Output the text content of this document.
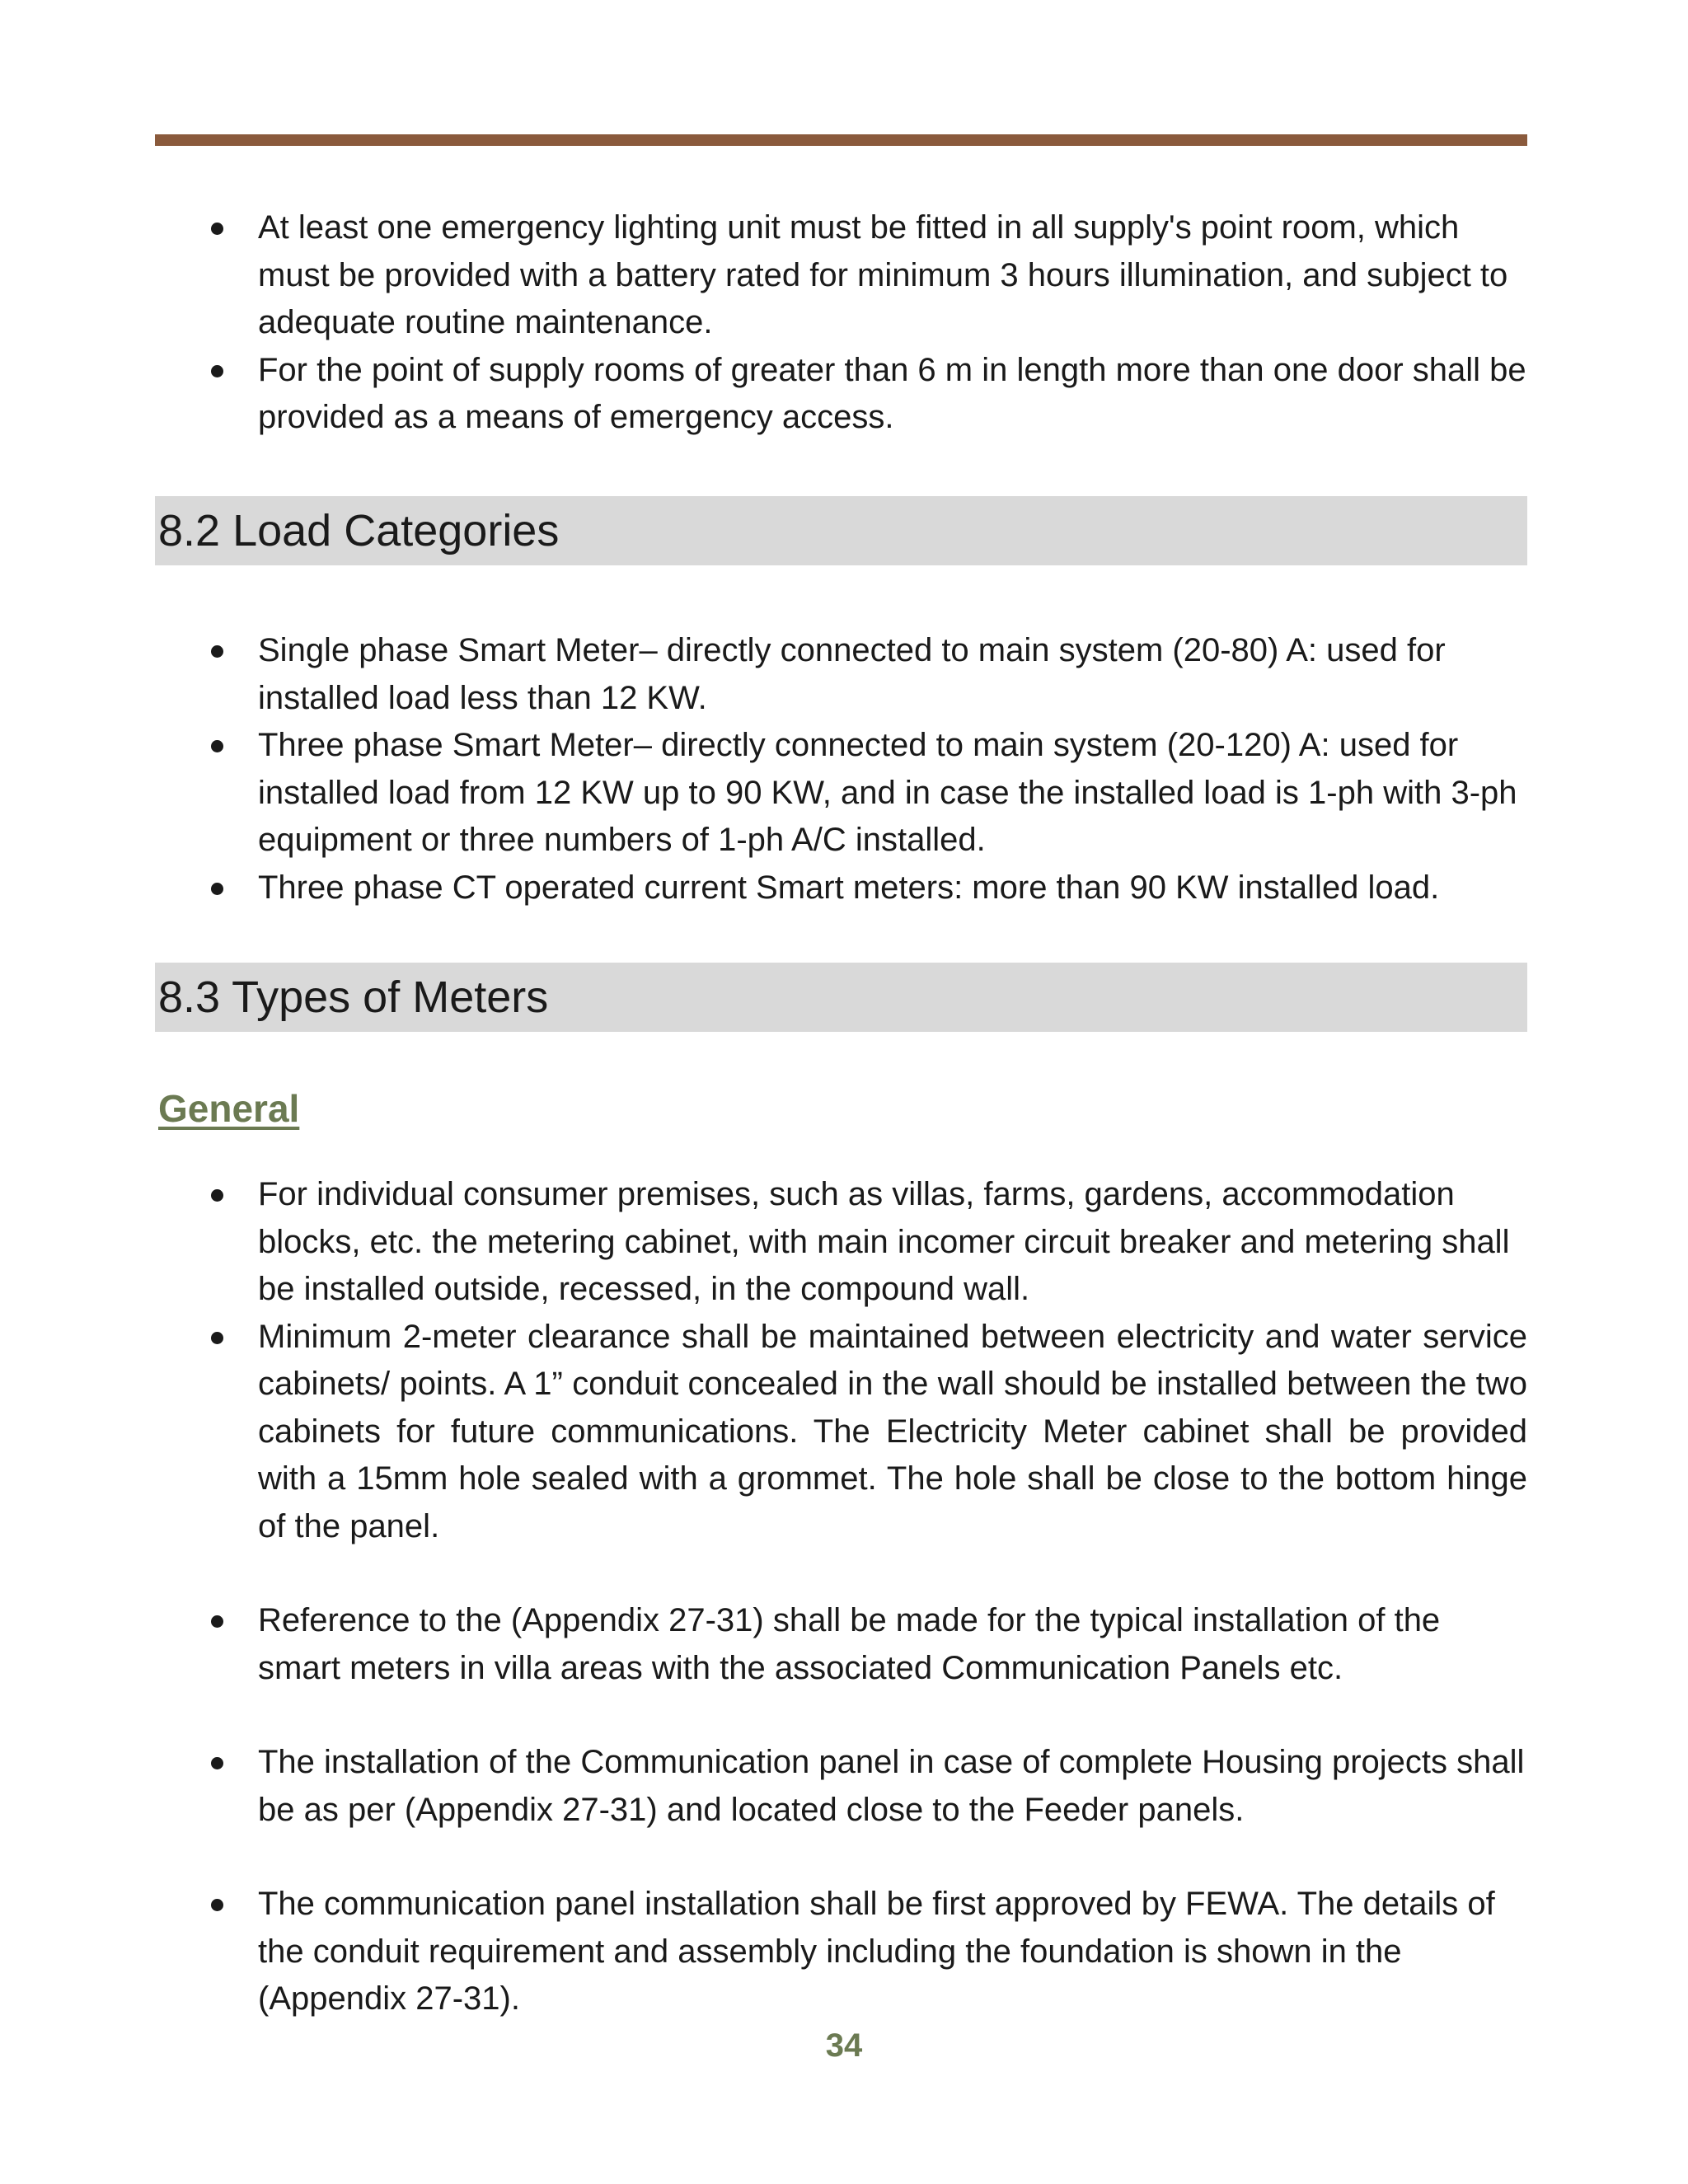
At least one emergency lighting unit must be fitted in all supply's point room, which must be provided with a battery rated for minimum 3 hours illumination, and subject to adequate routine maintenance.
For the point of supply rooms of greater than 6 m in length more than one door shall be provided as a means of emergency access.
8.2 Load Categories
Single phase Smart Meter– directly connected to main system (20-80) A: used for installed load less than 12 KW.
Three phase Smart Meter– directly connected to main system (20-120) A: used for installed load from 12 KW up to 90 KW, and in case the installed load is 1-ph with 3-ph equipment or three numbers of 1-ph A/C installed.
Three phase CT operated current Smart meters: more than 90 KW installed load.
8.3 Types of Meters
General
For individual consumer premises, such as villas, farms, gardens, accommodation blocks, etc. the metering cabinet, with main incomer circuit breaker and metering shall be installed outside, recessed, in the compound wall.
Minimum 2-meter clearance shall be maintained between electricity and water service cabinets/ points. A 1” conduit concealed in the wall should be installed between the two cabinets for future communications. The Electricity Meter cabinet shall be provided with a 15mm hole sealed with a grommet. The hole shall be close to the bottom hinge of the panel.
Reference to the (Appendix 27-31) shall be made for the typical installation of the smart meters in villa areas with the associated Communication Panels etc.
The installation of the Communication panel in case of complete Housing projects shall be as per (Appendix 27-31) and located close to the Feeder panels.
The communication panel installation shall be first approved by FEWA. The details of the conduit requirement and assembly including the foundation is shown in the (Appendix 27-31).
34
